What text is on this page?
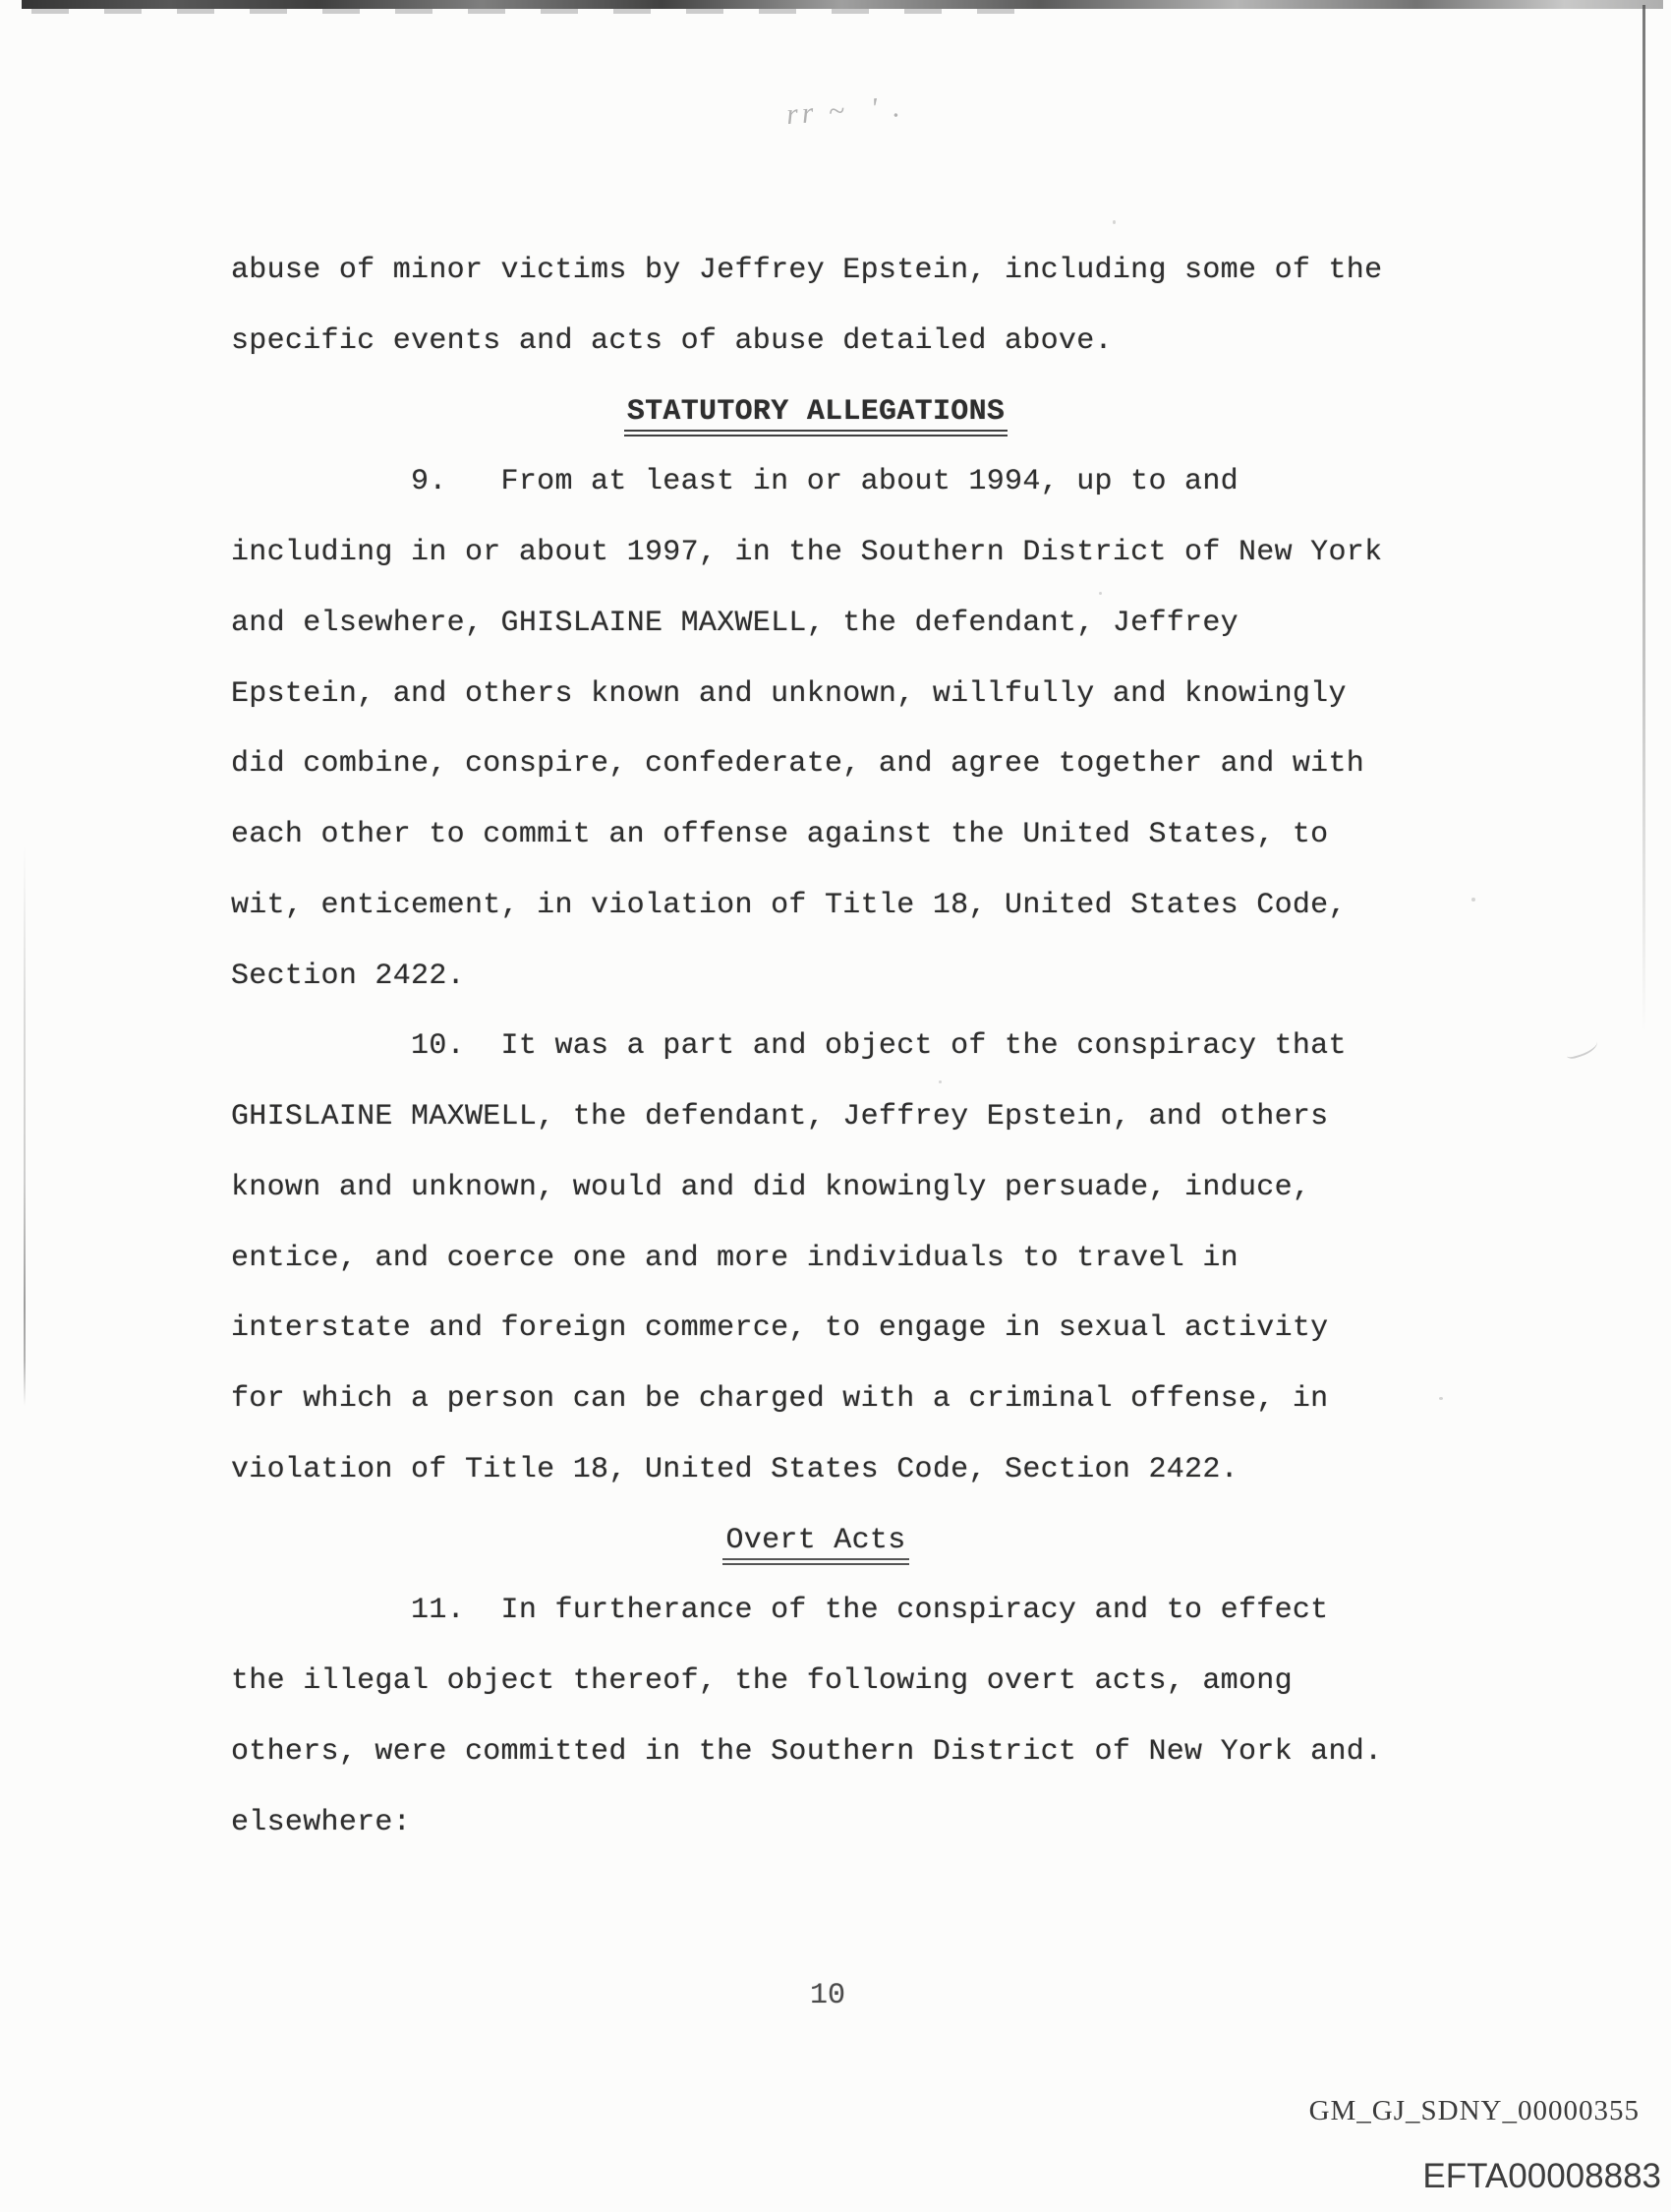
rr ~  ' .
abuse of minor victims by Jeffrey Epstein, including some of the
specific events and acts of abuse detailed above.
STATUTORY ALLEGATIONS
9.   From at least in or about 1994, up to and
including in or about 1997, in the Southern District of New York
and elsewhere, GHISLAINE MAXWELL, the defendant, Jeffrey
Epstein, and others known and unknown, willfully and knowingly
did combine, conspire, confederate, and agree together and with
each other to commit an offense against the United States, to
wit, enticement, in violation of Title 18, United States Code,
Section 2422.
10.  It was a part and object of the conspiracy that
GHISLAINE MAXWELL, the defendant, Jeffrey Epstein, and others
known and unknown, would and did knowingly persuade, induce,
entice, and coerce one and more individuals to travel in
interstate and foreign commerce, to engage in sexual activity
for which a person can be charged with a criminal offense, in
violation of Title 18, United States Code, Section 2422.
Overt Acts
11.  In furtherance of the conspiracy and to effect
the illegal object thereof, the following overt acts, among
others, were committed in the Southern District of New York and.
elsewhere:
10
GM_GJ_SDNY_00000355
EFTA00008883
